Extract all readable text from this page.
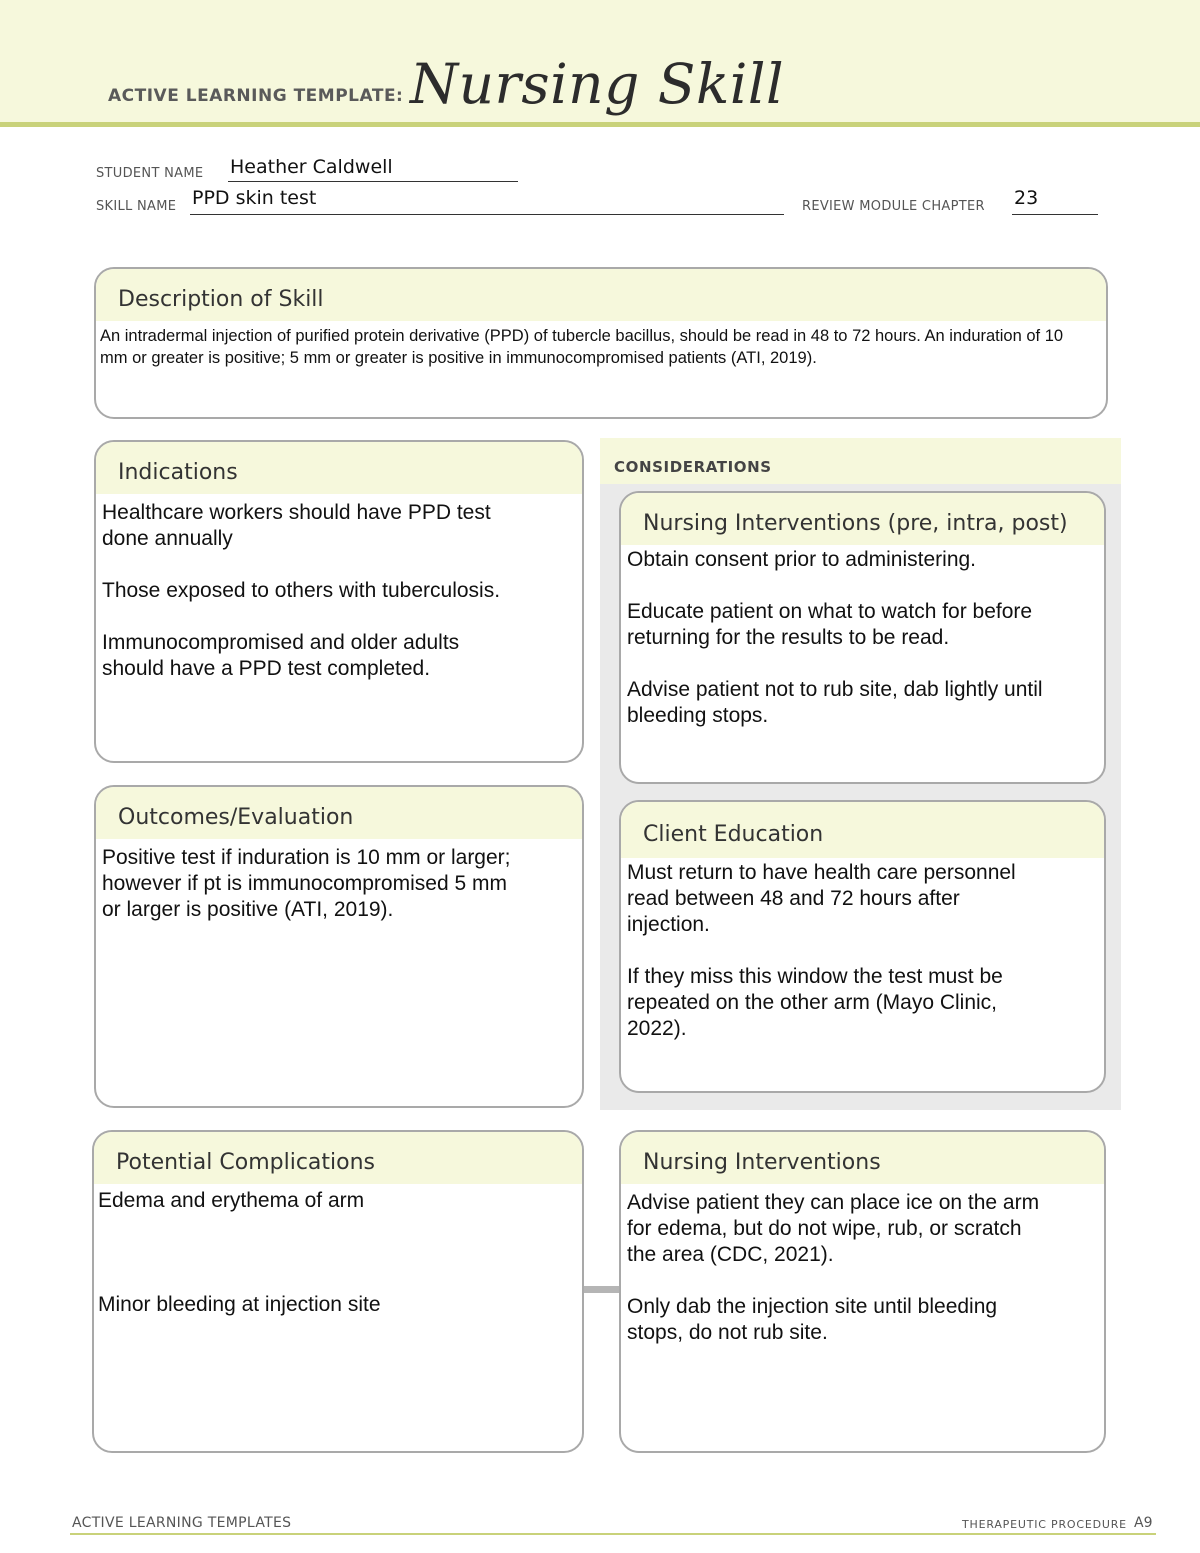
ACTIVE LEARNING TEMPLATE: Nursing Skill
STUDENT NAME Heather Caldwell
SKILL NAME PPD skin test	REVIEW MODULE CHAPTER 23
Description of Skill

An intradermal injection of purified protein derivative (PPD) of tubercle bacillus, should be read in 48 to 72 hours. An induration of 10 mm or greater is positive; 5 mm or greater is positive in immunocompromised patients (ATI, 2019).

Indications

Healthcare workers should have PPD test
done annually

Those exposed to others with tuberculosis.

Immunocompromised and older adults
should have a PPD test completed.

Outcomes/Evaluation

Positive test if induration is 10 mm or larger;
however if pt is immunocompromised 5 mm
or larger is positive (ATI, 2019).

CONSIDERATIONS
Nursing Interventions (pre, intra, post)

Obtain consent prior to administering.

Educate patient on what to watch for before
returning for the results to be read.

Advise patient not to rub site, dab lightly until
bleeding stops.

Client Education

Must return to have health care personnel
read between 48 and 72 hours after
injection.

If they miss this window the test must be
repeated on the other arm (Mayo Clinic,
2022).

Potential Complications

Edema and erythema of arm

Minor bleeding at injection site

Nursing Interventions

Advise patient they can place ice on the arm
for edema, but do not wipe, rub, or scratch
the area (CDC, 2021).

Only dab the injection site until bleeding
stops, do not rub site.

ACTIVE LEARNING TEMPLATES	THERAPEUTIC PROCEDURE A9
